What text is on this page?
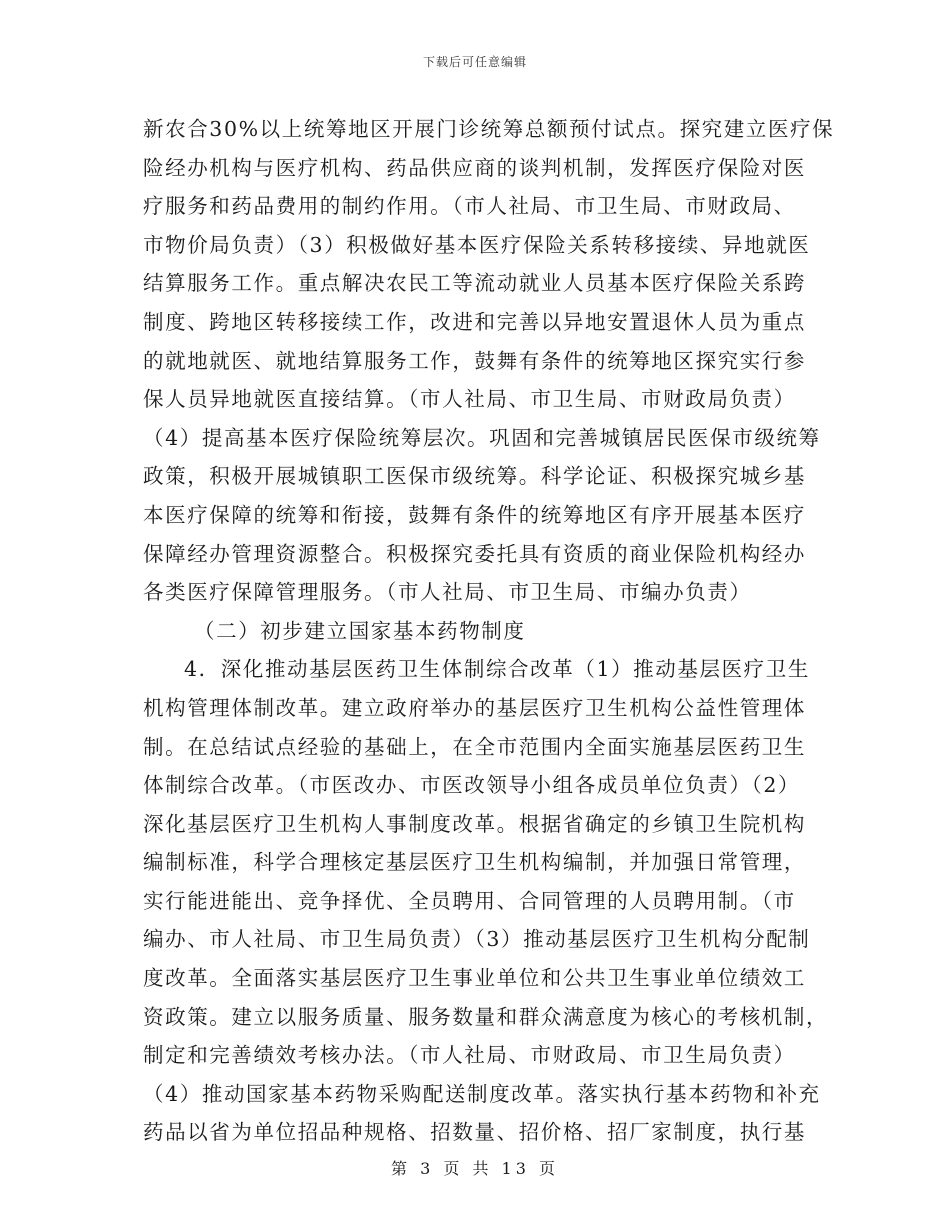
下载后可任意编辑
新农合30%以上统筹地区开展门诊统筹总额预付试点。探究建立医疗保
险经办机构与医疗机构、药品供应商的谈判机制，发挥医疗保险对医
疗服务和药品费用的制约作用。（市人社局、市卫生局、市财政局、
市物价局负责）（3）积极做好基本医疗保险关系转移接续、异地就医
结算服务工作。重点解决农民工等流动就业人员基本医疗保险关系跨
制度、跨地区转移接续工作，改进和完善以异地安置退休人员为重点
的就地就医、就地结算服务工作，鼓舞有条件的统筹地区探究实行参
保人员异地就医直接结算。（市人社局、市卫生局、市财政局负责）
（4）提高基本医疗保险统筹层次。巩固和完善城镇居民医保市级统筹
政策，积极开展城镇职工医保市级统筹。科学论证、积极探究城乡基
本医疗保障的统筹和衔接，鼓舞有条件的统筹地区有序开展基本医疗
保障经办管理资源整合。积极探究委托具有资质的商业保险机构经办
各类医疗保障管理服务。（市人社局、市卫生局、市编办负责）
（二）初步建立国家基本药物制度
4．深化推动基层医药卫生体制综合改革（1）推动基层医疗卫生
机构管理体制改革。建立政府举办的基层医疗卫生机构公益性管理体
制。在总结试点经验的基础上，在全市范围内全面实施基层医药卫生
体制综合改革。（市医改办、市医改领导小组各成员单位负责）（2）
深化基层医疗卫生机构人事制度改革。根据省确定的乡镇卫生院机构
编制标准，科学合理核定基层医疗卫生机构编制，并加强日常管理，
实行能进能出、竞争择优、全员聘用、合同管理的人员聘用制。（市
编办、市人社局、市卫生局负责）（3）推动基层医疗卫生机构分配制
度改革。全面落实基层医疗卫生事业单位和公共卫生事业单位绩效工
资政策。建立以服务质量、服务数量和群众满意度为核心的考核机制，
制定和完善绩效考核办法。（市人社局、市财政局、市卫生局负责）
（4）推动国家基本药物采购配送制度改革。落实执行基本药物和补充
药品以省为单位招品种规格、招数量、招价格、招厂家制度，执行基
第 3 页 共 13 页
